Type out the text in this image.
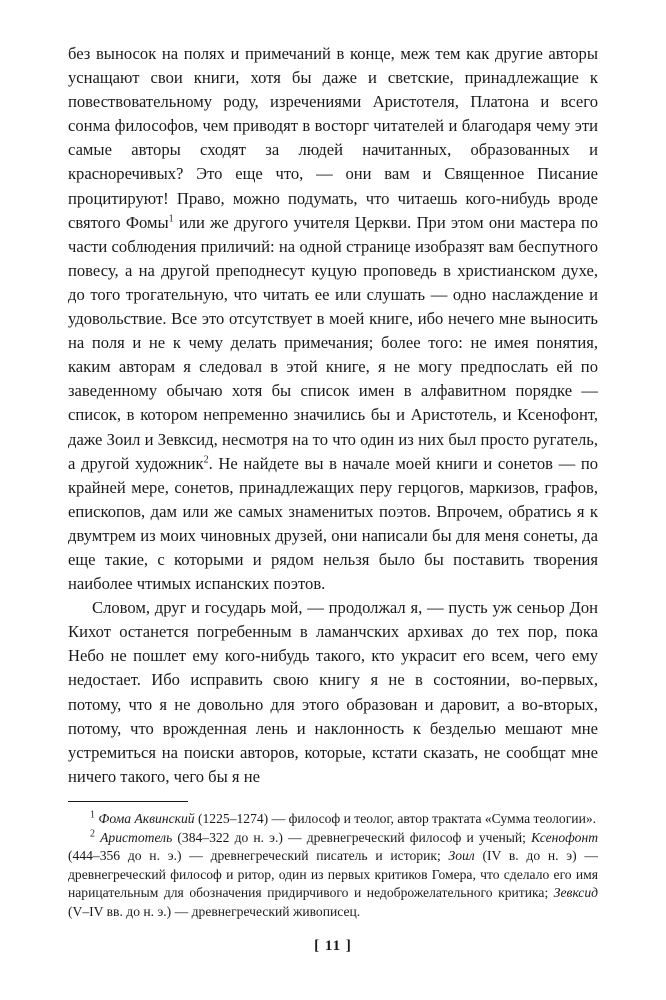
без выносок на полях и примечаний в конце, меж тем как другие авторы уснащают свои книги, хотя бы даже и светские, принадлежащие к повествовательному роду, изречениями Аристотеля, Платона и всего сонма философов, чем приводят в восторг читателей и благодаря чему эти самые авторы сходят за людей начитанных, образованных и красноречивых? Это еще что, — они вам и Священное Писание процитируют! Право, можно подумать, что читаешь кого-нибудь вроде святого Фомы$^1$ или же другого учителя Церкви. При этом они мастера по части соблюдения приличий: на одной странице изобразят вам беспутного повесу, а на другой преподнесут куцую проповедь в христианском духе, до того трогательную, что читать ее или слушать — одно наслаждение и удовольствие. Все это отсутствует в моей книге, ибо нечего мне выносить на поля и не к чему делать примечания; более того: не имея понятия, каким авторам я следовал в этой книге, я не могу предпослать ей по заведенному обычаю хотя бы список имен в алфавитном порядке — список, в котором непременно значились бы и Аристотель, и Ксенофонт, даже Зоил и Зевксид, несмотря на то что один из них был просто ругатель, а другой художник$^2$. Не найдете вы в начале моей книги и сонетов — по крайней мере, сонетов, принадлежащих перу герцогов, маркизов, графов, епископов, дам или же самых знаменитых поэтов. Впрочем, обратись я к двумтрем из моих чиновных друзей, они написали бы для меня сонеты, да еще такие, с которыми и рядом нельзя было бы поставить творения наиболее чтимых испанских поэтов.

Словом, друг и государь мой, — продолжал я, — пусть уж сеньор Дон Кихот останется погребенным в ламанчских архивах до тех пор, пока Небо не пошлет ему кого-нибудь такого, кто украсит его всем, чего ему недостает. Ибо исправить свою книгу я не в состоянии, во-первых, потому, что я не довольно для этого образован и даровит, а во-вторых, потому, что врожденная лень и наклонность к безделью мешают мне устремиться на поиски авторов, которые, кстати сказать, не сообщат мне ничего такого, чего бы я не

$^1$ Фома Аквинский (1225–1274) — философ и теолог, автор трактата «Сумма теологии».

$^2$ Аристотель (384–322 до н. э.) — древнегреческий философ и ученый; Ксенофонт (444–356 до н. э.) — древнегреческий писатель и историк; Зоил (IV в. до н. э) — древнегреческий философ и ритор, один из первых критиков Гомера, что сделало его имя нарицательным для обозначения придирчивого и недоброжелательного критика; Зевксид (V–IV вв. до н. э.) — древнегреческий живописец.

[ 11 ]
